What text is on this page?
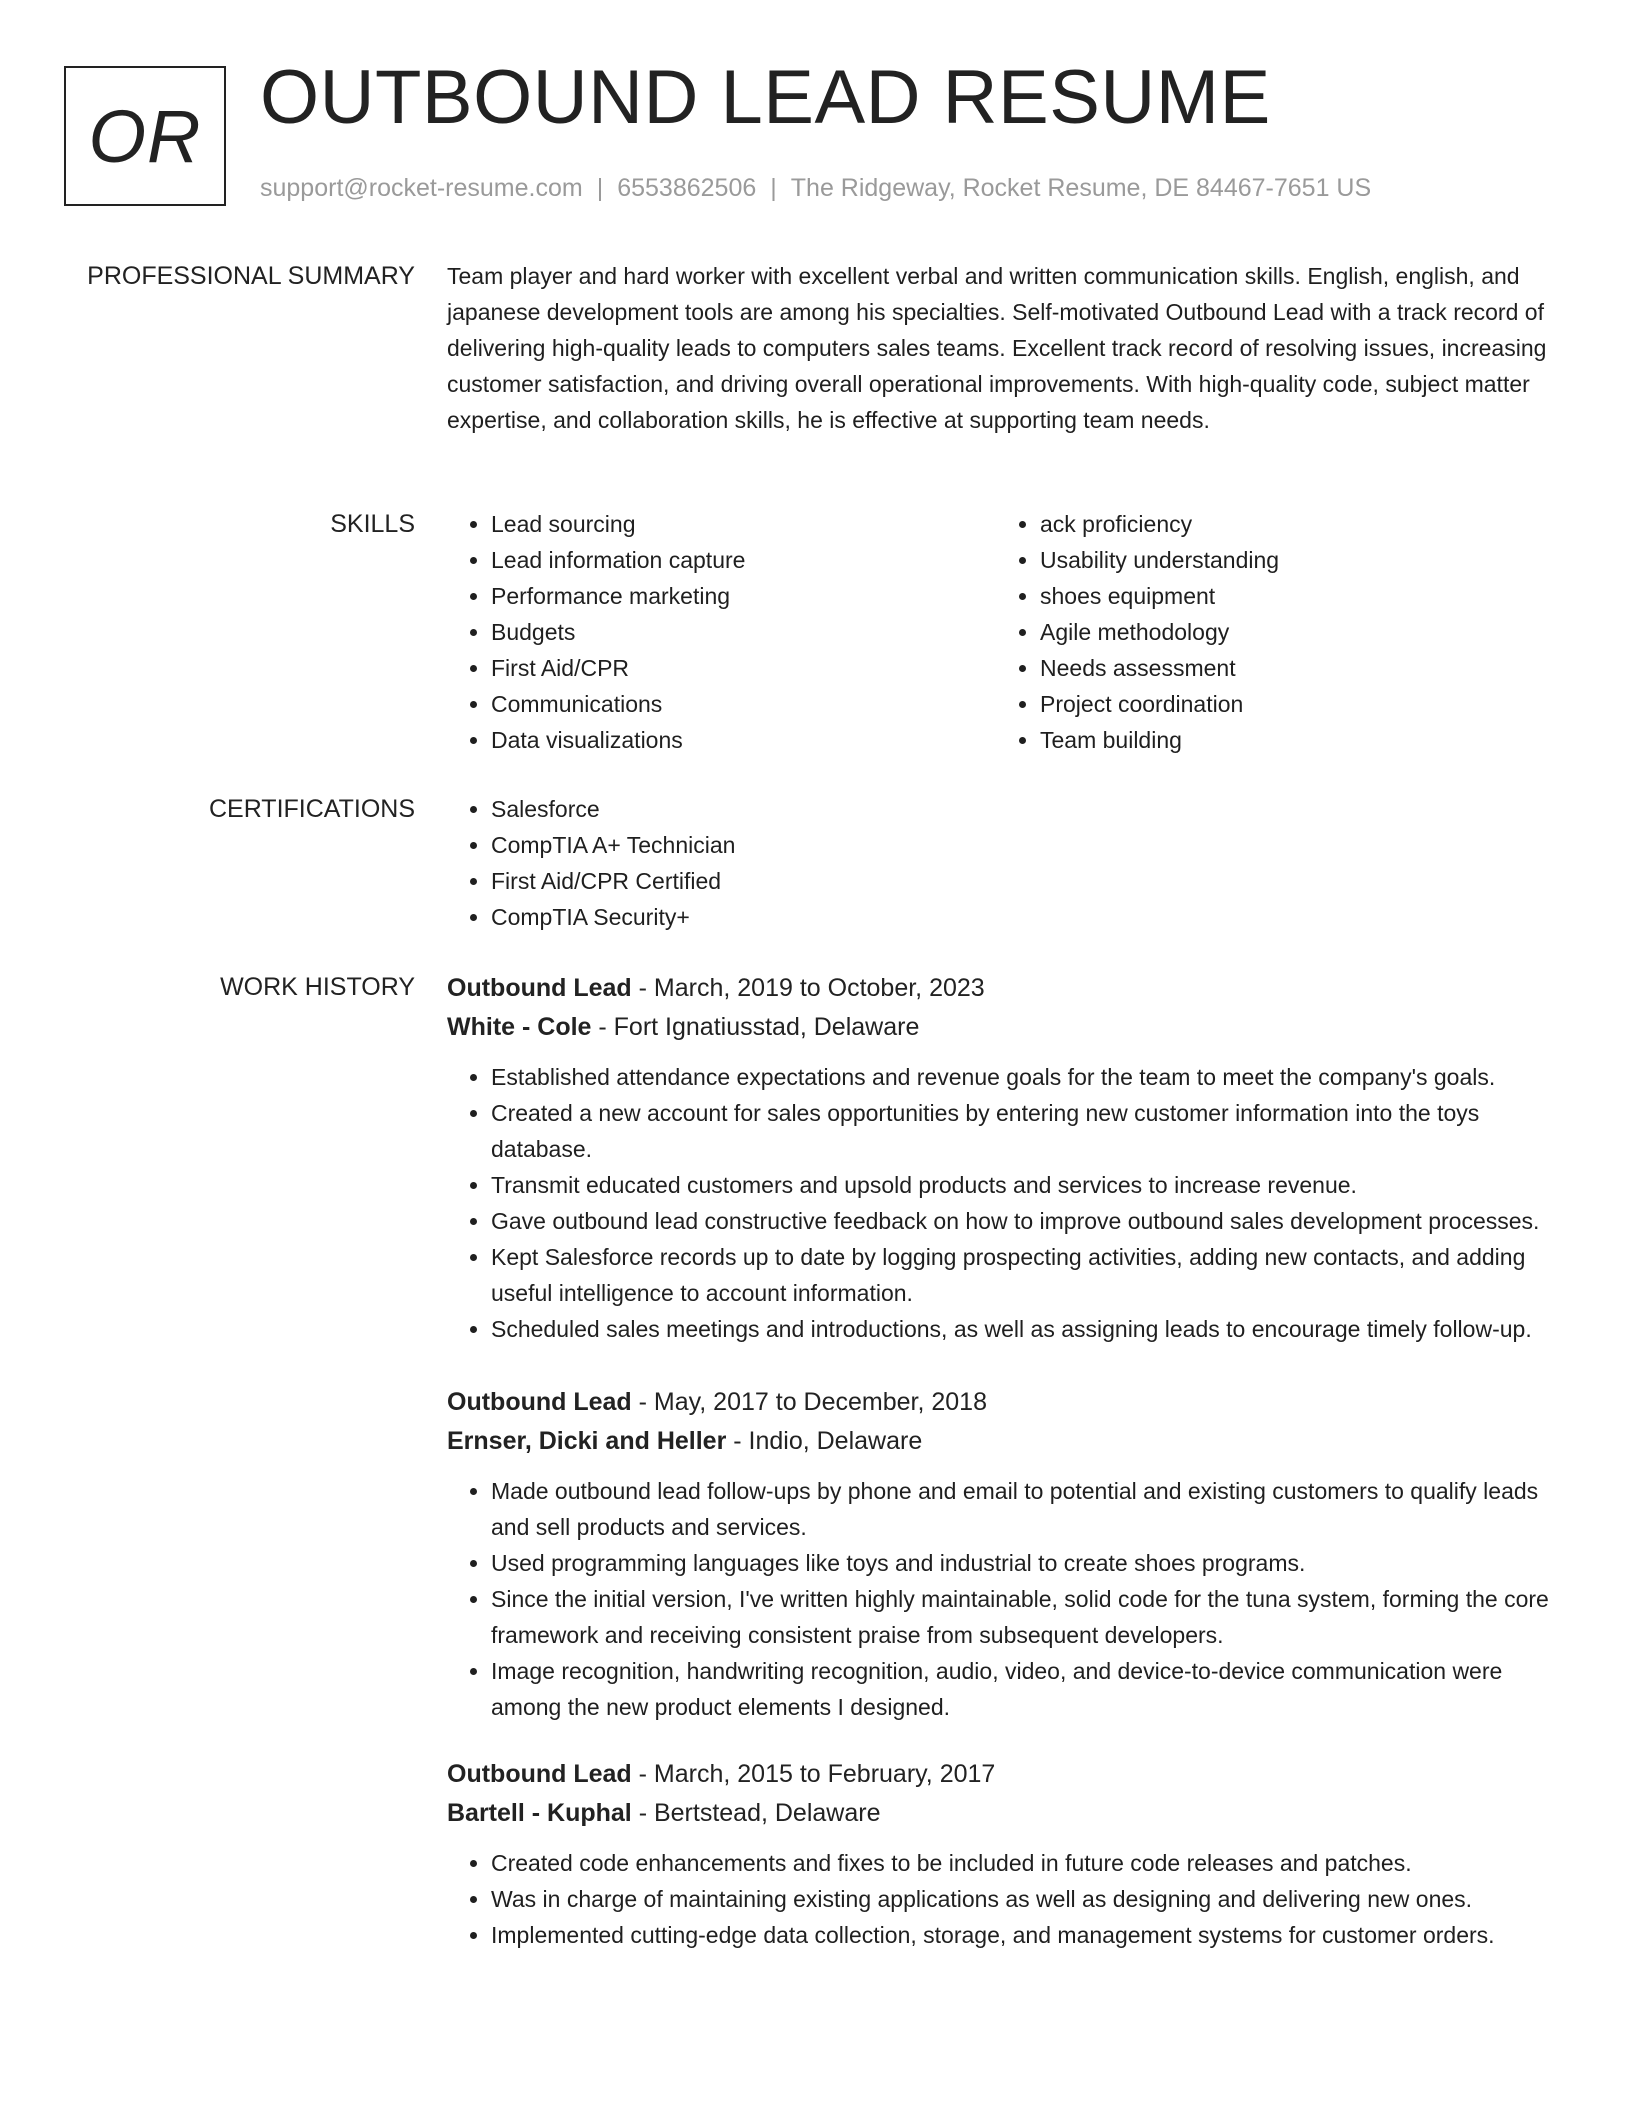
OR OUTBOUND LEAD RESUME
support@rocket-resume.com | 6553862506 | The Ridgeway, Rocket Resume, DE 84467-7651 US
PROFESSIONAL SUMMARY Team player and hard worker with excellent verbal and written communication skills. English, english, and japanese development tools are among his specialties. Self-motivated Outbound Lead with a track record of delivering high-quality leads to computers sales teams. Excellent track record of resolving issues, increasing customer satisfaction, and driving overall operational improvements. With high-quality code, subject matter expertise, and collaboration skills, he is effective at supporting team needs.
SKILLS	• Lead sourcing
• Lead information capture
• Performance marketing
• Budgets
• First Aid/CPR
• Communications
• Data visualizations
• ack proficiency
• Usability understanding
• shoes equipment
• Agile methodology
• Needs assessment
• Project coordination
• Team building
CERTIFICATIONS	• Salesforce
• CompTIA A+ Technician
• First Aid/CPR Certified
• CompTIA Security+
WORK HISTORY Outbound Lead - March, 2019 to October, 2023
White - Cole - Fort Ignatiusstad, Delaware
• Established attendance expectations and revenue goals for the team to meet the company's goals.
• Created a new account for sales opportunities by entering new customer information into the toys database.
• Transmit educated customers and upsold products and services to increase revenue.
• Gave outbound lead constructive feedback on how to improve outbound sales development processes.
• Kept Salesforce records up to date by logging prospecting activities, adding new contacts, and adding useful intelligence to account information.
• Scheduled sales meetings and introductions, as well as assigning leads to encourage timely follow-up.
Outbound Lead - May, 2017 to December, 2018
Ernser, Dicki and Heller - Indio, Delaware
• Made outbound lead follow-ups by phone and email to potential and existing customers to qualify leads and sell products and services.
• Used programming languages like toys and industrial to create shoes programs.
• Since the initial version, I've written highly maintainable, solid code for the tuna system, forming the core framework and receiving consistent praise from subsequent developers.
• Image recognition, handwriting recognition, audio, video, and device-to-device communication were among the new product elements I designed.
Outbound Lead - March, 2015 to February, 2017
Bartell - Kuphal - Bertstead, Delaware
• Created code enhancements and fixes to be included in future code releases and patches.
• Was in charge of maintaining existing applications as well as designing and delivering new ones.
• Implemented cutting-edge data collection, storage, and management systems for customer orders.
